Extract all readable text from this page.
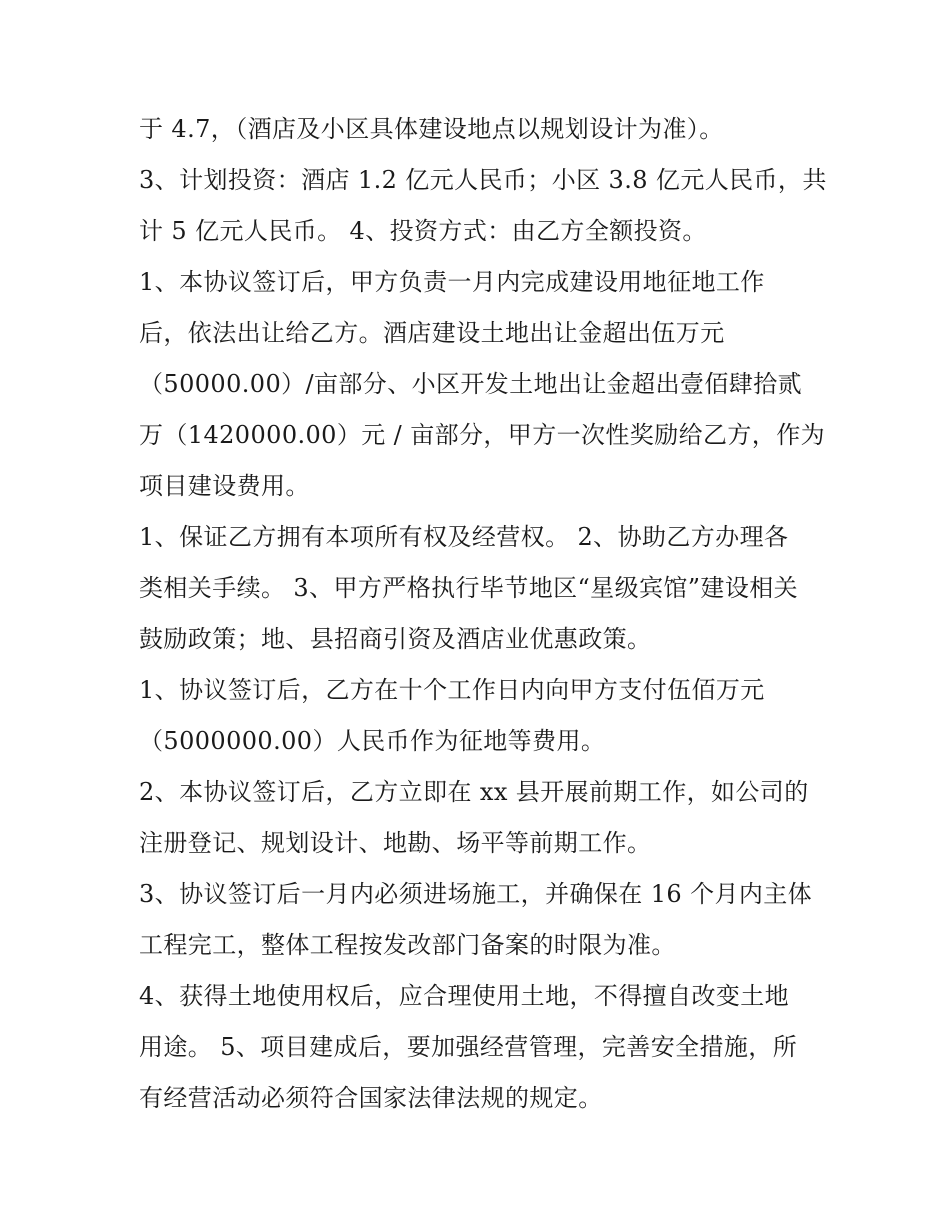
于 4.7，（酒店及小区具体建设地点以规划设计为准）。

3、计划投资：酒店 1.2 亿元人民币；小区 3.8 亿元人民币，共
计 5 亿元人民币。 4、投资方式：由乙方全额投资。

1、本协议签订后，甲方负责一月内完成建设用地征地工作
后，依法出让给乙方。酒店建设土地出让金超出伍万元
（50000.00）/亩部分、小区开发土地出让金超出壹佰肆拾贰
万（1420000.00）元 / 亩部分，甲方一次性奖励给乙方，作为
项目建设费用。

1、保证乙方拥有本项所有权及经营权。 2、协助乙方办理各
类相关手续。 3、甲方严格执行毕节地区“星级宾馆”建设相关
鼓励政策；地、县招商引资及酒店业优惠政策。

1、协议签订后，乙方在十个工作日内向甲方支付伍佰万元
（5000000.00）人民币作为征地等费用。

2、本协议签订后，乙方立即在 xx 县开展前期工作，如公司的
注册登记、规划设计、地勘、场平等前期工作。

3、协议签订后一月内必须进场施工，并确保在 16 个月内主体
工程完工，整体工程按发改部门备案的时限为准。

4、获得土地使用权后，应合理使用土地，不得擅自改变土地
用途。 5、项目建成后，要加强经营管理，完善安全措施，所
有经营活动必须符合国家法律法规的规定。
